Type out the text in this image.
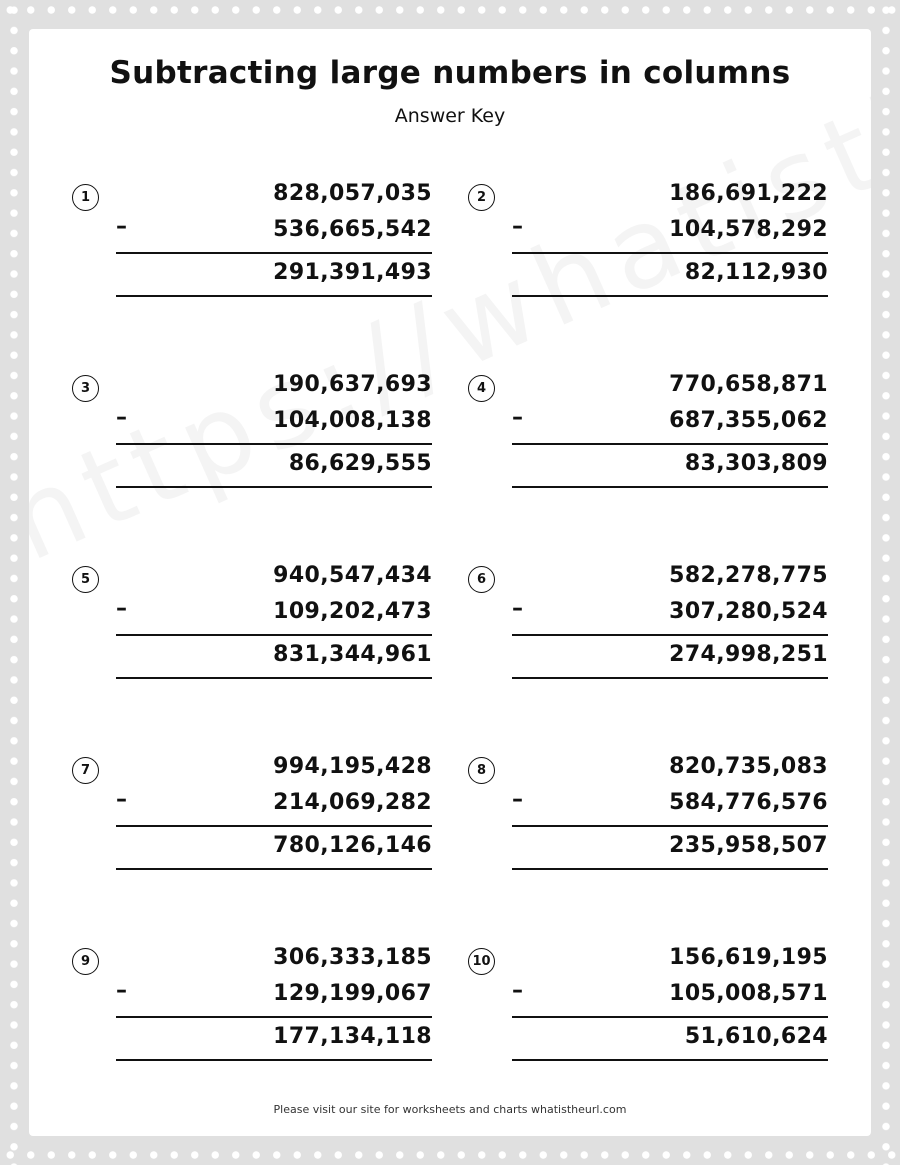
Subtracting large numbers in columns
Answer Key
1	828,057,035
–	536,665,542
291,391,493
2	186,691,222
–	104,578,292
82,112,930
3	190,637,693
–	104,008,138
86,629,555
4	770,658,871
–	687,355,062
83,303,809
5	940,547,434
–	109,202,473
831,344,961
6	582,278,775
–	307,280,524
274,998,251
7	994,195,428
–	214,069,282
780,126,146
8	820,735,083
–	584,776,576
235,958,507
9	306,333,185
–	129,199,067
177,134,118
10	156,619,195
–	105,008,571
51,610,624
Please visit our site for worksheets and charts whatistheurl.com
